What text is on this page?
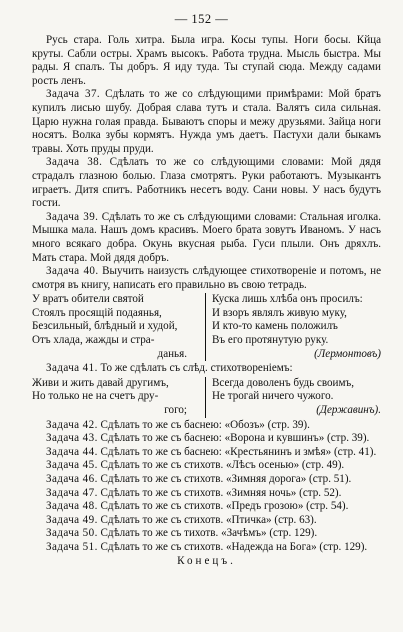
— 152 —

Русь стара. Голь хитра. Была игра. Косы тупы. Ноги босы. Кйца круты. Сабли остры. Храмъ высокъ. Работа трудна. Мысль быстра. Мы рады. Я спалъ. Ты добръ. Я иду туда. Ты ступай сюда. Между садами рость ленъ.

Задача 37. Сдѣлать то же со слѣдующими примѣрами: Мой братъ купилъ лисью шубу. Добрая слава тутъ и стала. Валятъ сила сильная. Царю нужна голая правда. Бываютъ споры и межу друзьями. Зайца ноги носятъ. Волка зубы кормятъ. Нужда умъ даетъ. Пастухи дали быкамъ травы. Хоть пруды пруди.

Задача 38. Сдѣлать то же со слѣдующими словами: Мой дядя страдалъ глазною болью. Глаза смотрятъ. Руки работаютъ. Музыкантъ играетъ. Дитя спитъ. Работникъ несетъ воду. Сани новы. У насъ будутъ гости.

Задача 39. Сдѣлать то же съ слѣдующими словами: Стальная иголка. Мышка мала. Нашъ домъ красивъ. Моего брата зовутъ Иваномъ. У насъ много всякаго добра. Окунь вкусная рыба. Гуси плыли. Онъ дряхлъ. Мать стара. Мой дядя добръ.

Задача 40. Выучить наизусть слѣдующее стихотвореніе и потомъ, не смотря въ книгу, написать его правильно въ свою тетрадь.

У вратъ обители святой
Стоялъ просящій подаянья,
Безсильный, блѣдный и худой,
Отъ хлада, жажды и стра-
данья.
Куска лишь хлѣба онъ просилъ:
И взоръ являлъ живую муку,
И кто-то камень положилъ
Въ его протянутую руку.
(Лермонтовъ)

Задача 41. То же сдѣлать съ слѣд. стихотвореніемъ:

Живи и жить давай другимъ,
Но только не на счетъ дру-
гого;
Всегда доволенъ будь своимъ,
Не трогай ничего чужого.
(Державинъ).

Задача 42. Сдѣлать то же съ баснею: «Обозъ» (стр. 39).

Задача 43. Сдѣлать то же съ баснею: «Ворона и кувшинъ» (стр. 39).

Задача 44. Сдѣлать то же съ баснею: «Крестьянинъ и змѣя» (стр. 41).

Задача 45. Сдѣлать то же съ стихотв. «Лѣсъ осенью» (стр. 49).

Задача 46. Сдѣлать то же съ стихотв. «Зимняя дорога» (стр. 51).

Задача 47. Сдѣлать то же съ стихотв. «Зимняя ночь» (стр. 52).

Задача 48. Сдѣлать то же съ стихотв. «Предъ грозою» (стр. 54).

Задача 49. Сдѣлать то же съ стихотв. «Птичка» (стр. 63).

Задача 50. Сдѣлать то же съ тихотв. «Зачѣмъ» (стр. 129).

Задача 51. Сдѣлать то же съ стихотв. «Надежда на Бога» (стр. 129).

Конецъ.
